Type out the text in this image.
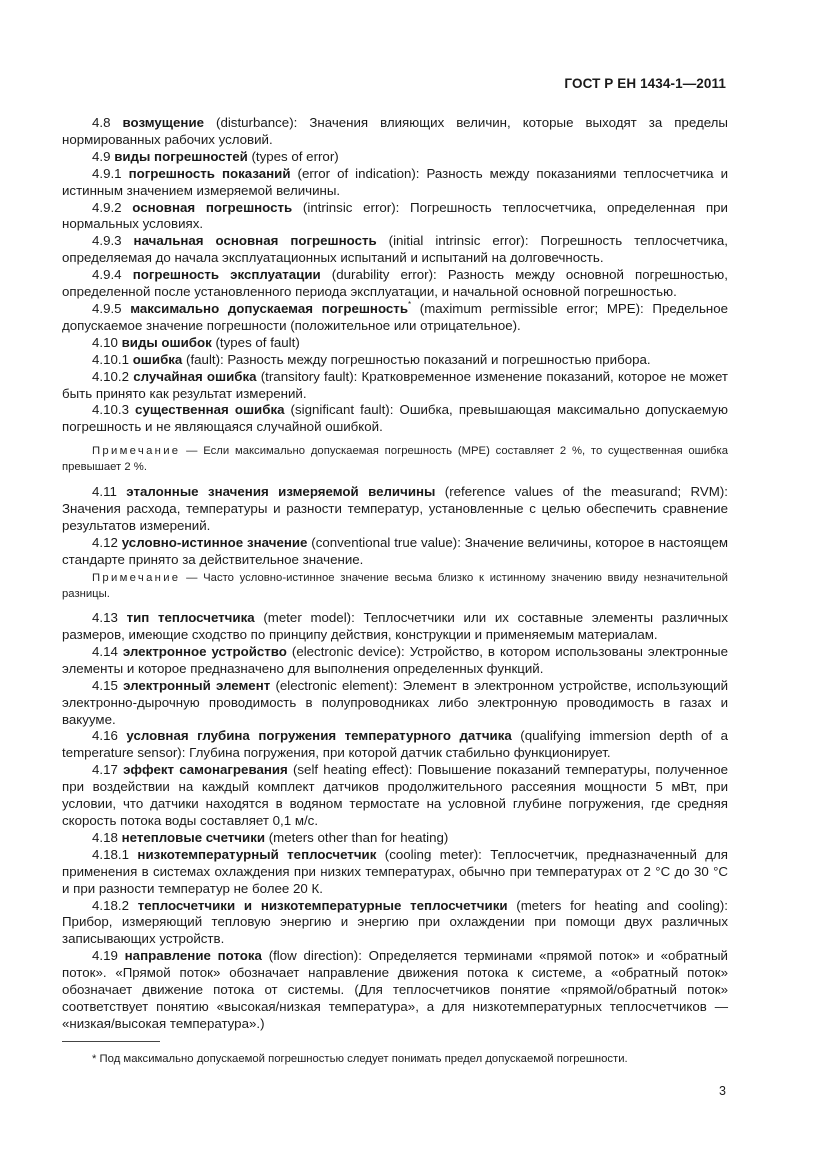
ГОСТ Р ЕН 1434-1—2011

4.8 возмущение (disturbance): Значения влияющих величин, которые выходят за пределы нормированных рабочих условий.

4.9 виды погрешностей (types of error)

4.9.1 погрешность показаний (error of indication): Разность между показаниями теплосчетчика и истинным значением измеряемой величины.

4.9.2 основная погрешность (intrinsic error): Погрешность теплосчетчика, определенная при нормальных условиях.

4.9.3 начальная основная погрешность (initial intrinsic error): Погрешность теплосчетчика, определяемая до начала эксплуатационных испытаний и испытаний на долговечность.

4.9.4 погрешность эксплуатации (durability error): Разность между основной погрешностью, определенной после установленного периода эксплуатации, и начальной основной погрешностью.

4.9.5 максимально допускаемая погрешность* (maximum permissible error; MPE): Предельное допускаемое значение погрешности (положительное или отрицательное).

4.10 виды ошибок (types of fault)

4.10.1 ошибка (fault): Разность между погрешностью показаний и погрешностью прибора.

4.10.2 случайная ошибка (transitory fault): Кратковременное изменение показаний, которое не может быть принято как результат измерений.

4.10.3 существенная ошибка (significant fault): Ошибка, превышающая максимально допускаемую погрешность и не являющаяся случайной ошибкой.

Примечание — Если максимально допускаемая погрешность (MPE) составляет 2 %, то существенная ошибка превышает 2 %.

4.11 эталонные значения измеряемой величины (reference values of the measurand; RVM): Значения расхода, температуры и разности температур, установленные с целью обеспечить сравнение результатов измерений.

4.12 условно-истинное значение (conventional true value): Значение величины, которое в настоящем стандарте принято за действительное значение.

Примечание — Часто условно-истинное значение весьма близко к истинному значению ввиду незначительной разницы.

4.13 тип теплосчетчика (meter model): Теплосчетчики или их составные элементы различных размеров, имеющие сходство по принципу действия, конструкции и применяемым материалам.

4.14 электронное устройство (electronic device): Устройство, в котором использованы электронные элементы и которое предназначено для выполнения определенных функций.

4.15 электронный элемент (electronic element): Элемент в электронном устройстве, использующий электронно-дырочную проводимость в полупроводниках либо электронную проводимость в газах и вакууме.

4.16 условная глубина погружения температурного датчика (qualifying immersion depth of a temperature sensor): Глубина погружения, при которой датчик стабильно функционирует.

4.17 эффект самонагревания (self heating effect): Повышение показаний температуры, полученное при воздействии на каждый комплект датчиков продолжительного рассеяния мощности 5 мВт, при условии, что датчики находятся в водяном термостате на условной глубине погружения, где средняя скорость потока воды составляет 0,1 м/с.

4.18 нетепловые счетчики (meters other than for heating)

4.18.1 низкотемпературный теплосчетчик (cooling meter): Теплосчетчик, предназначенный для применения в системах охлаждения при низких температурах, обычно при температурах от 2 °С до 30 °С и при разности температур не более 20 К.

4.18.2 теплосчетчики и низкотемпературные теплосчетчики (meters for heating and cooling): Прибор, измеряющий тепловую энергию и энергию при охлаждении при помощи двух различных записывающих устройств.

4.19 направление потока (flow direction): Определяется терминами «прямой поток» и «обратный поток». «Прямой поток» обозначает направление движения потока к системе, а «обратный поток» обозначает движение потока от системы. (Для теплосчетчиков понятие «прямой/обратный поток» соответствует понятию «высокая/низкая температура», а для низкотемпературных теплосчетчиков — «низкая/высокая температура».)

* Под максимально допускаемой погрешностью следует понимать предел допускаемой погрешности.

3
